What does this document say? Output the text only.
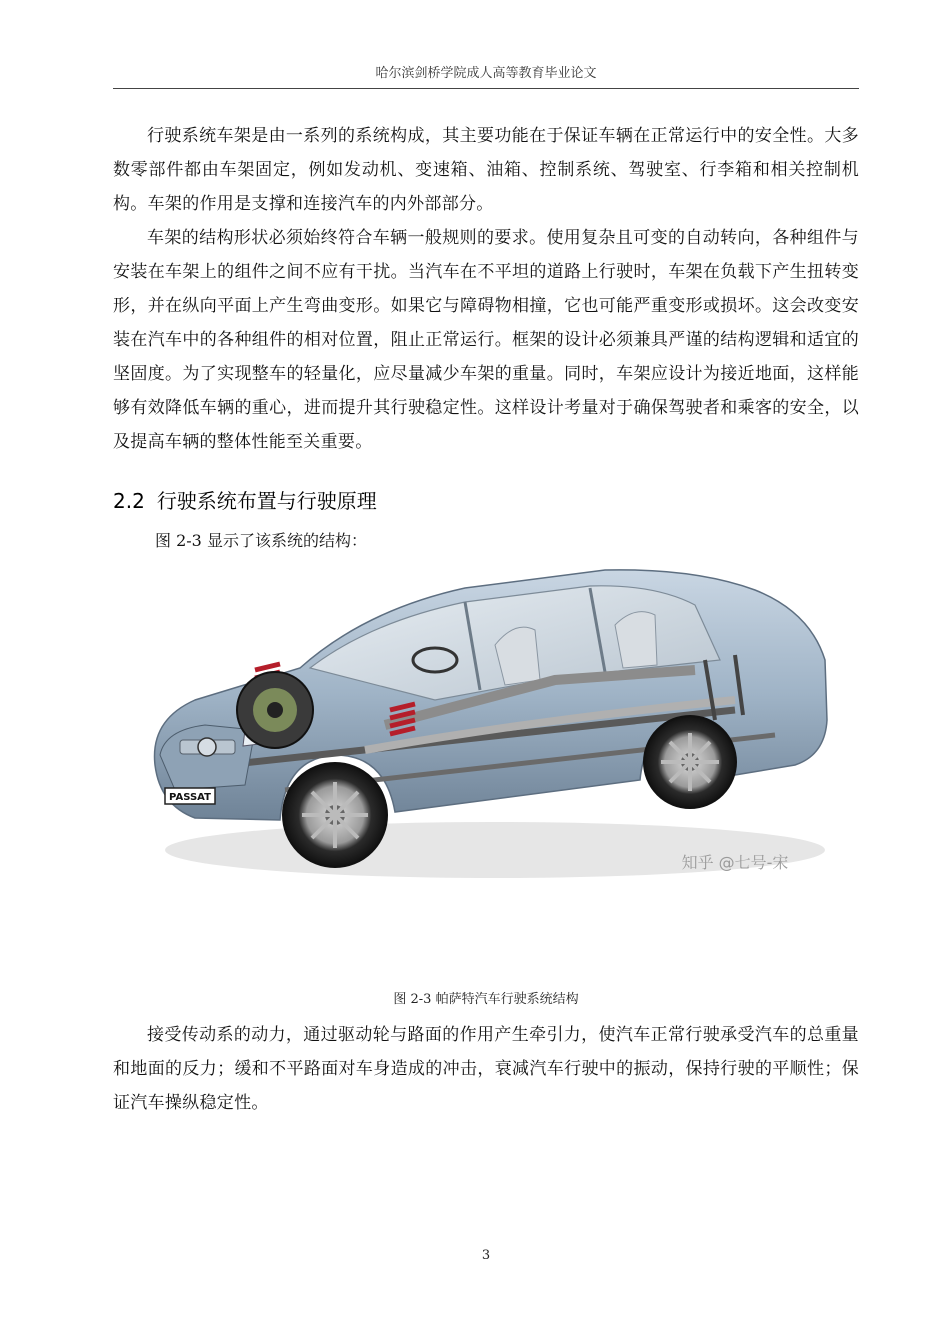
哈尔滨剑桥学院成人高等教育毕业论文

行驶系统车架是由一系列的系统构成，其主要功能在于保证车辆在正常运行中的安全性。大多数零部件都由车架固定，例如发动机、变速箱、油箱、控制系统、驾驶室、行李箱和相关控制机构。车架的作用是支撑和连接汽车的内外部部分。

车架的结构形状必须始终符合车辆一般规则的要求。使用复杂且可变的自动转向，各种组件与安装在车架上的组件之间不应有干扰。当汽车在不平坦的道路上行驶时，车架在负载下产生扭转变形，并在纵向平面上产生弯曲变形。如果它与障碍物相撞，它也可能严重变形或损坏。这会改变安装在汽车中的各种组件的相对位置，阻止正常运行。框架的设计必须兼具严谨的结构逻辑和适宜的坚固度。为了实现整车的轻量化，应尽量减少车架的重量。同时，车架应设计为接近地面，这样能够有效降低车辆的重心，进而提升其行驶稳定性。这样设计考量对于确保驾驶者和乘客的安全，以及提高车辆的整体性能至关重要。

2.2 行驶系统布置与行驶原理
图 2-3 显示了该系统的结构：
PASSAT
知乎 @七号-宋
图 2-3 帕萨特汽车行驶系统结构

接受传动系的动力，通过驱动轮与路面的作用产生牵引力，使汽车正常行驶承受汽车的总重量和地面的反力；缓和不平路面对车身造成的冲击，衰减汽车行驶中的振动，保持行驶的平顺性；保证汽车操纵稳定性。

3
